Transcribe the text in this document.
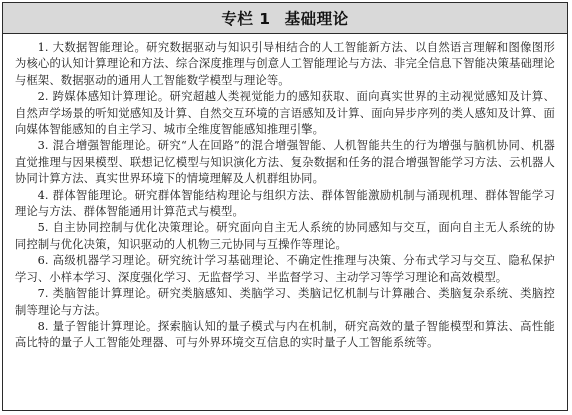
专栏 1 基础理论

1. 大数据智能理论。研究数据驱动与知识引导相结合的人工智能新方法、以自然语言理解和图像图形为核心的认知计算理论和方法、综合深度推理与创意人工智能理论与方法、非完全信息下智能决策基础理论与框架、数据驱动的通用人工智能数学模型与理论等。

2. 跨媒体感知计算理论。研究超越人类视觉能力的感知获取、面向真实世界的主动视觉感知及计算、自然声学场景的听知觉感知及计算、自然交互环境的言语感知及计算、面向异步序列的类人感知及计算、面向媒体智能感知的自主学习、城市全维度智能感知推理引擎。

3. 混合增强智能理论。研究“人在回路”的混合增强智能、人机智能共生的行为增强与脑机协同、机器直觉推理与因果模型、联想记忆模型与知识演化方法、复杂数据和任务的混合增强智能学习方法、云机器人协同计算方法、真实世界环境下的情境理解及人机群组协同。

4. 群体智能理论。研究群体智能结构理论与组织方法、群体智能激励机制与涌现机理、群体智能学习理论与方法、群体智能通用计算范式与模型。

5. 自主协同控制与优化决策理论。研究面向自主无人系统的协同感知与交互，面向自主无人系统的协同控制与优化决策，知识驱动的人机物三元协同与互操作等理论。

6. 高级机器学习理论。研究统计学习基础理论、不确定性推理与决策、分布式学习与交互、隐私保护学习、小样本学习、深度强化学习、无监督学习、半监督学习、主动学习等学习理论和高效模型。

7. 类脑智能计算理论。研究类脑感知、类脑学习、类脑记忆机制与计算融合、类脑复杂系统、类脑控制等理论与方法。

8. 量子智能计算理论。探索脑认知的量子模式与内在机制，研究高效的量子智能模型和算法、高性能高比特的量子人工智能处理器、可与外界环境交互信息的实时量子人工智能系统等。
